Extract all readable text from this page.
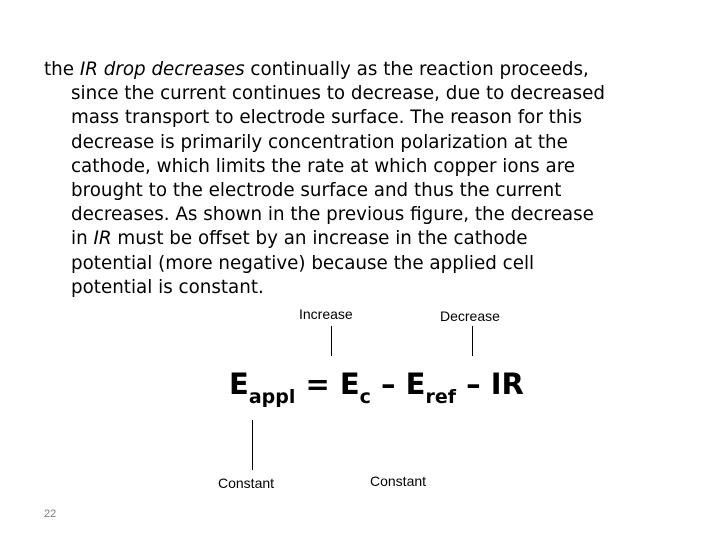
the IR drop decreases continually as the reaction proceeds,
since the current continues to decrease, due to decreased
mass transport to electrode surface. The reason for this
decrease is primarily concentration polarization at the
cathode, which limits the rate at which copper ions are
brought to the electrode surface and thus the current
decreases. As shown in the previous figure, the decrease
in IR must be offset by an increase in the cathode
potential (more negative) because the applied cell
potential is constant.
Increase	Decrease
$E_{appl} = E_c - E_{ref}$ – IR
Constant	Constant
22
